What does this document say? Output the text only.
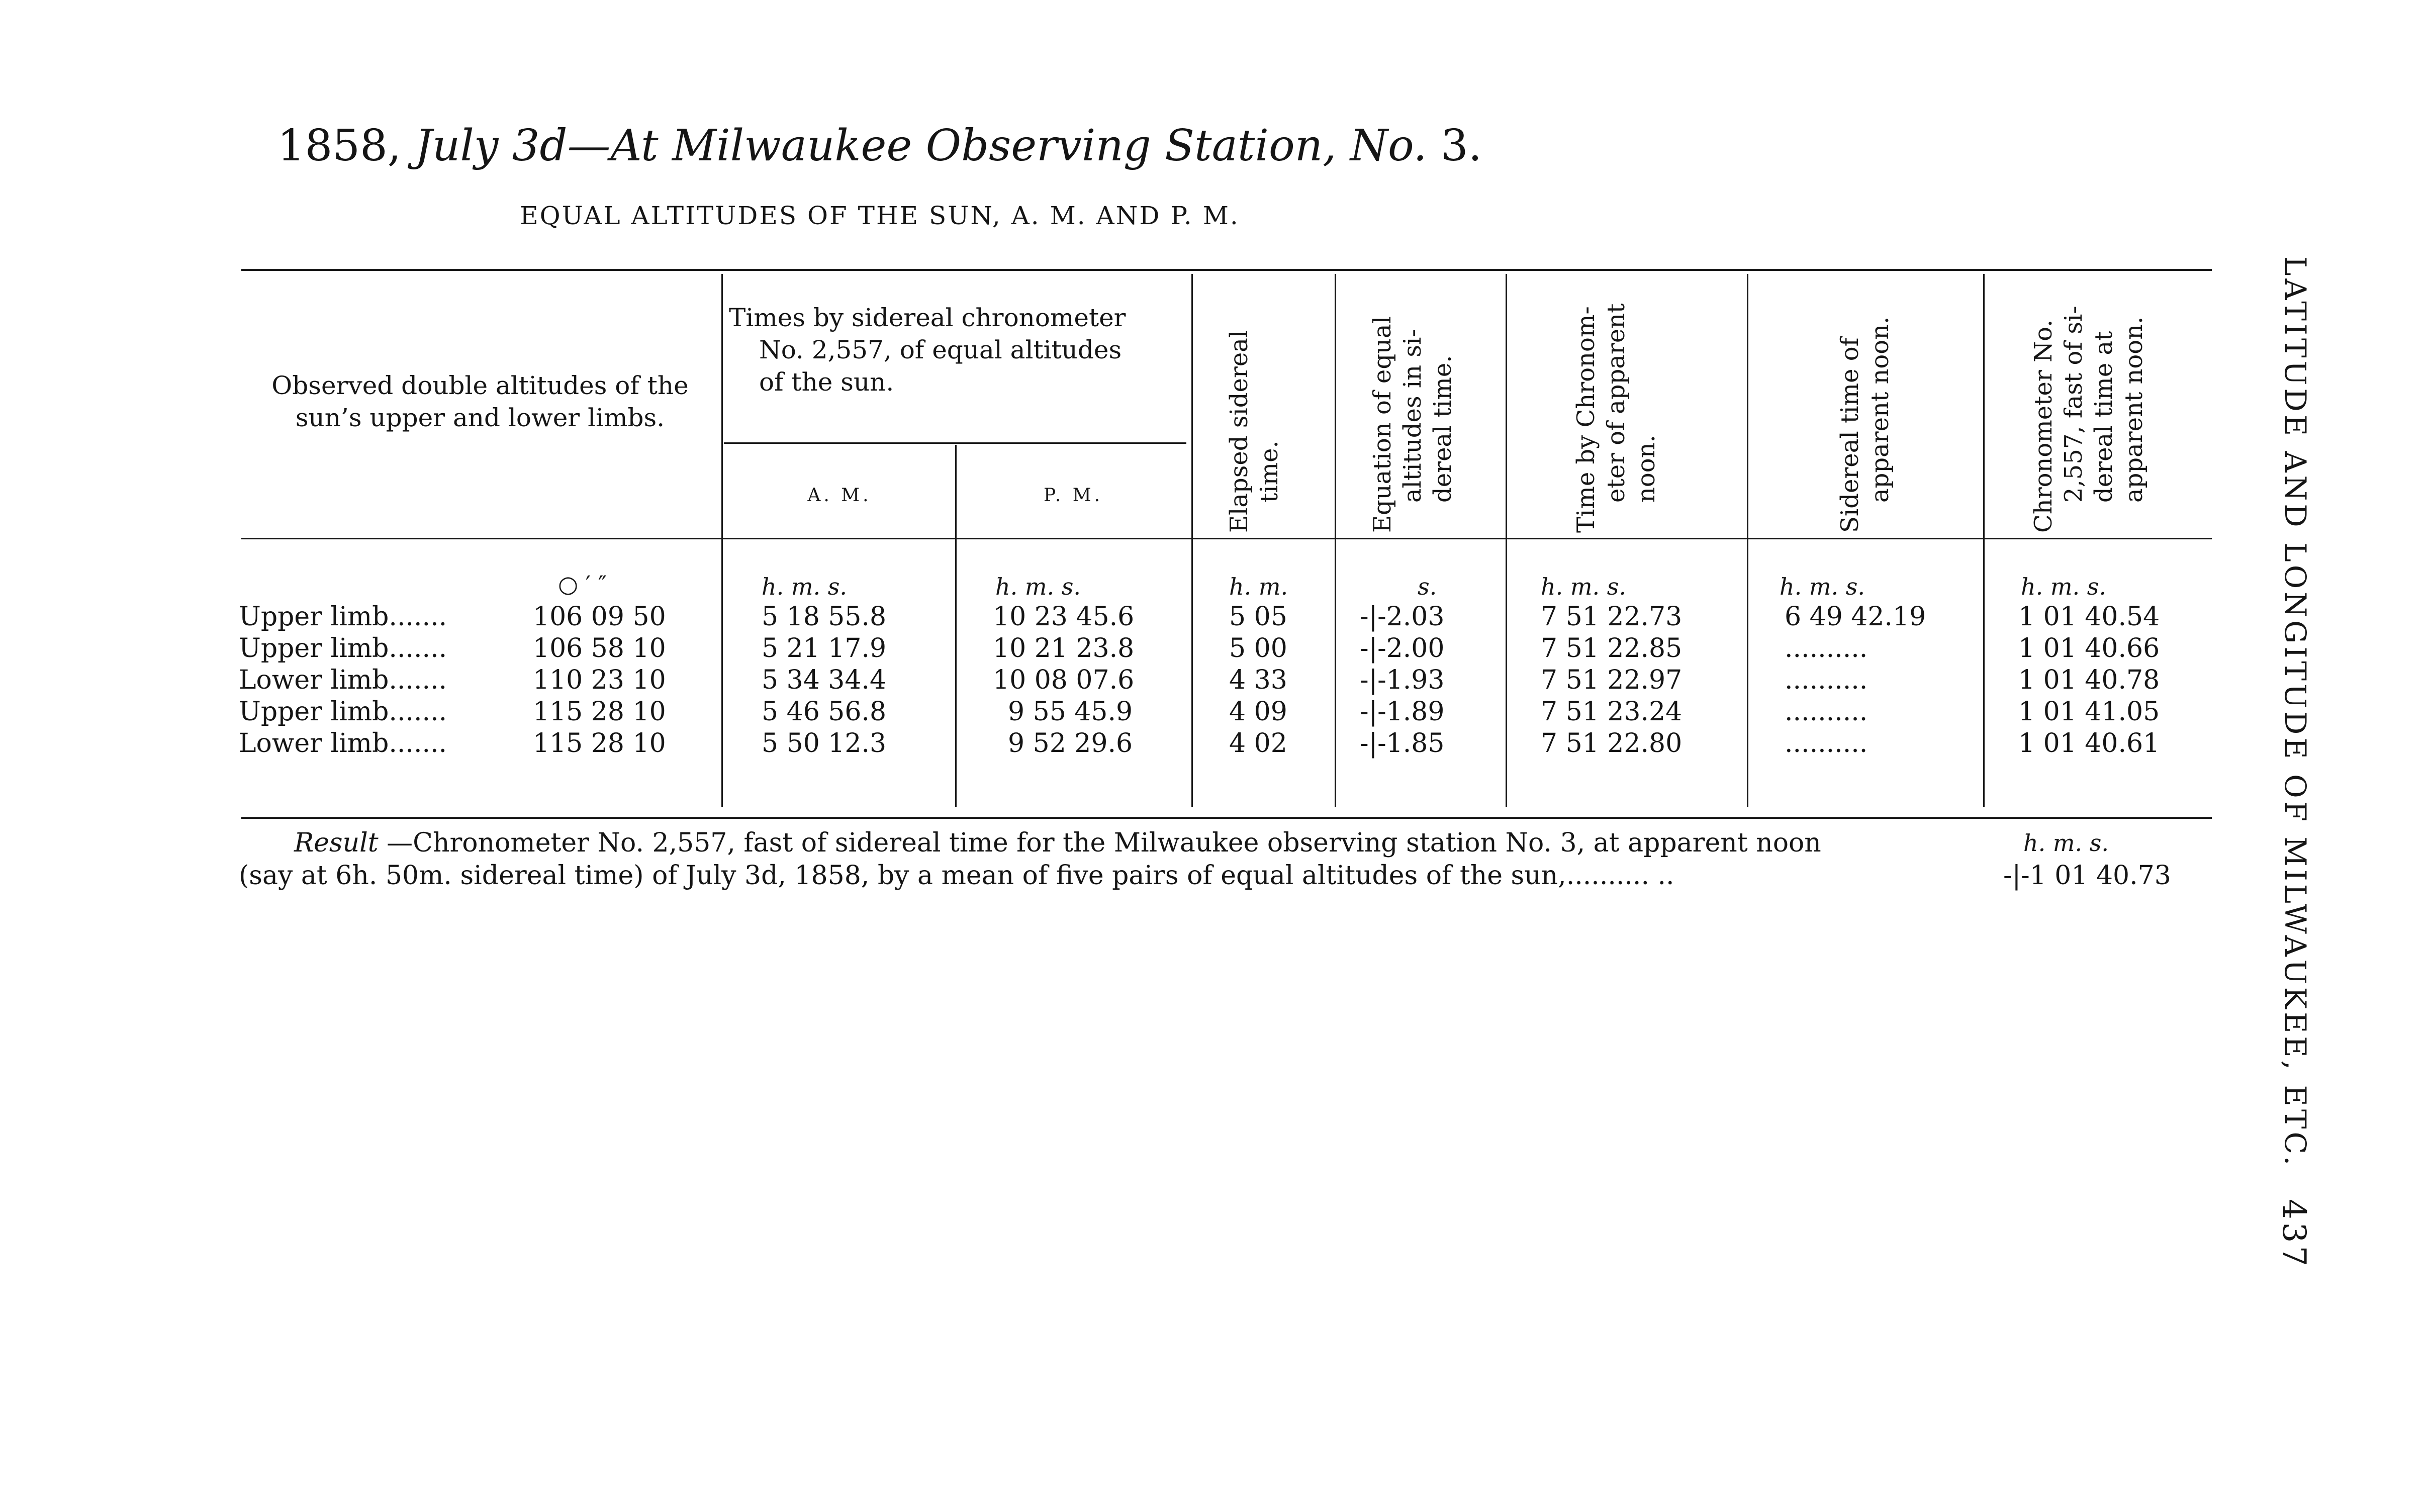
1858, July 3d—At Milwaukee Observing Station, No. 3.
EQUAL ALTITUDES OF THE SUN, A. M. AND P. M.
Observed double altitudes of the sun’s upper and lower limbs.
Times by sidereal chronometer
No. 2,557, of equal altitudes
of the sun.
A. M.	P. M.	Elapsed sidereal time.	Equation of equal altitudes in si- dereal time.	Time by Chronom- eter of apparent noon.	Sidereal time of apparent noon.	Chronometer No. 2,557, fast of si- dereal time at apparent noon.
○ ′ ″	h. m. s.	h. m. s.	h. m.	s.	h. m. s.	h. m. s.	h. m. s.
Upper limb.......	106 09 50	5 18 55.8	10 23 45.6	5 05	-|-2.03	7 51 22.73	6 49 42.19	1 01 40.54
Upper limb.......	106 58 10	5 21 17.9	10 21 23.8	5 00	-|-2.00	7 51 22.85	..........	1 01 40.66
Lower limb.......	110 23 10	5 34 34.4	10 08 07.6	4 33	-|-1.93	7 51 22.97	..........	1 01 40.78
Upper limb.......	115 28 10	5 46 56.8	9 55 45.9	4 09	-|-1.89	7 51 23.24	..........	1 01 41.05
Lower limb.......	115 28 10	5 50 12.3	9 52 29.6	4 02	-|-1.85	7 51 22.80	..........	1 01 40.61
Result —Chronometer No. 2,557, fast of sidereal time for the Milwaukee observing station No. 3, at apparent noon	h. m. s.
(say at 6h. 50m. sidereal time) of July 3d, 1858, by a mean of five pairs of equal altitudes of the sun,.......... ..	-|-1 01 40.73	LATITUDE AND LONGITUDE OF MILWAUKEE, ETC.
437
